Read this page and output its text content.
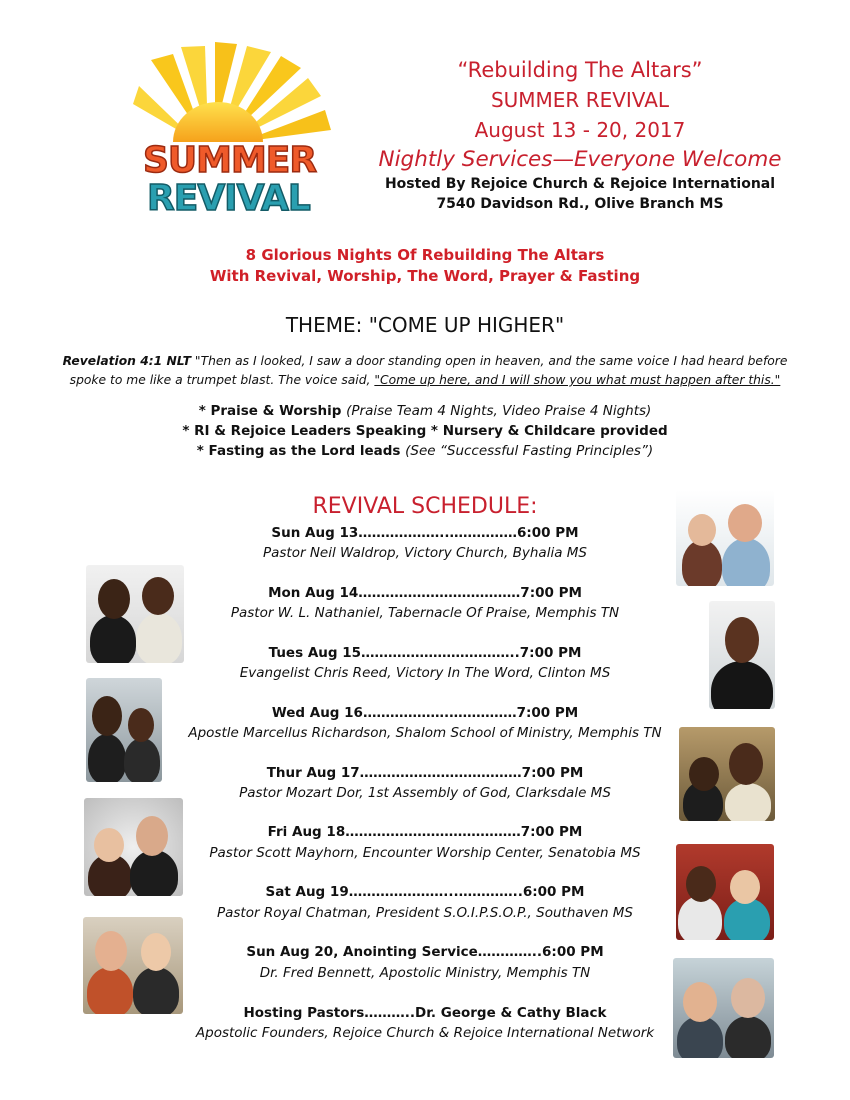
SUMMER
REVIVAL
“Rebuilding The Altars”
SUMMER REVIVAL
August 13 - 20, 2017
Nightly Services—Everyone Welcome
Hosted By Rejoice Church & Rejoice International
7540 Davidson Rd., Olive Branch MS
8 Glorious Nights Of Rebuilding The Altars
With Revival, Worship, The Word, Prayer & Fasting
THEME: "COME UP HIGHER"
Revelation 4:1 NLT "Then as I looked, I saw a door standing open in heaven, and the same voice I had heard before spoke to me like a trumpet blast. The voice said, "Come up here, and I will show you what must happen after this."
* Praise & Worship (Praise Team 4 Nights, Video Praise 4 Nights)
* RI & Rejoice Leaders Speaking * Nursery & Childcare provided
* Fasting as the Lord leads (See “Successful Fasting Principles”)
REVIVAL SCHEDULE:
Sun Aug 13………………..……………6:00 PM
Pastor Neil Waldrop, Victory Church, Byhalia MS
Mon Aug 14………………………………7:00 PM
Pastor W. L. Nathaniel, Tabernacle Of Praise, Memphis TN
Tues Aug 15……………………………..7:00 PM
Evangelist Chris Reed, Victory In The Word, Clinton MS
Wed Aug 16……………….……………7:00 PM
Apostle Marcellus Richardson, Shalom School of Ministry, Memphis TN
Thur Aug 17………………………………7:00 PM
Pastor Mozart Dor, 1st Assembly of God, Clarksdale MS
Fri Aug 18…………………………………7:00 PM
Pastor Scott Mayhorn, Encounter Worship Center, Senatobia MS
Sat Aug 19…………………...…………..6:00 PM
Pastor Royal Chatman, President S.O.I.P.S.O.P., Southaven MS
Sun Aug 20, Anointing Service…………..6:00 PM
Dr. Fred Bennett, Apostolic Ministry, Memphis TN
Hosting Pastors………..Dr. George & Cathy Black
Apostolic Founders, Rejoice Church & Rejoice International Network
